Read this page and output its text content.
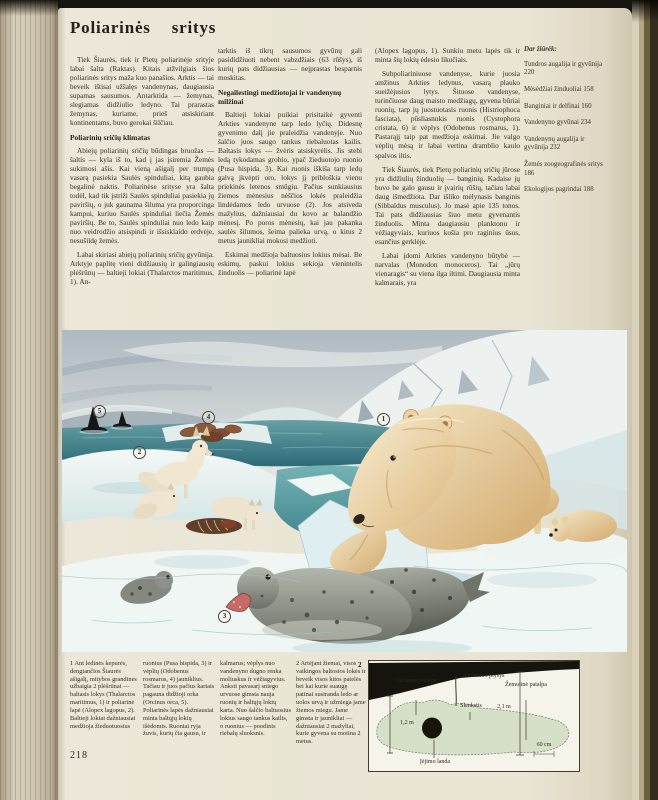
Poliarinės sritys

Tiek Šiaurės, tiek ir Pietų poliarinėje srityje labai šalta (Raktas). Kitais atžvilgiais šios poliarinės sritys maža kuo panašios. Arktis — tai beveik ištisai užšalęs vandenynas, daugiausia supamas sausumos. Antarktida — žemynas, slegiamas didžiulio ledyno. Tai prarastas žemynas, kuriame, prieš atsiskiriant kontinentams, buvo gerokai šilčiau.

Poliarinių sričių klimatas

Abiejų poliarinių sričių būdingas bruožas — šaltis — kyla iš to, kad į jas įsiremia Žemės sukimosi ašis. Kai vieną ašigalį per trumpą vasarą pasiekia Saulės spinduliai, kitą gaubia begalinė naktis. Poliarinėse srityse yra šalta todėl, kad tik įstriži Saulės spinduliai pasiekia jų paviršių, o juk gaunama šiluma yra proporcinga kampui, kuriuo Saulės spinduliai liečia Žemės paviršių. Be to, Saulės spinduliai nuo ledo kaip nuo veidrodžio atsispindi ir išsisklaido erdvėje, nesušildę žemės.

Labai skiriasi abiejų poliarinių sričių gyvūnija. Arktyje paplitę vieni didžiausių ir galingiausių plėšrūnų — baltieji lokiai (Thalarctos maritimus, 1). An-

tarktis iš tikrų sausumos gyvūnų gali pasididžiuoti nebent vabzdžiais (63 rūšys), iš kurių pats didžiausias — neįprastas besparnis moskitas.

Negailestingi medžiotojai ir vandenynų milžinai

Baltieji lokiai puikiai prisitaikė gyventi Arkties vandenyne tarp ledo lyčių. Didesnę gyvenimo dalį jie praleidžia vandenyje. Nuo šalčio juos saugo tankus riebaluotas kailis. Baltasis lokys — žvėris atsiskyrėlis. Jis stebi ledą tykodamas grobio, ypač žieduotojo ruonio (Pusa hispida, 3). Kai ruonis iškiša tarp ledų galvą įkvėpti oro, lokys jį pribloškia vienu priekinės letenos smūgiu. Pačius sunkiausius žiemos mėnesius nėščios lokės praleidžia lindėdamos ledo urvuose (2). Jos atsiveda mažylius, dažniausiai du kovo ar balandžio mėnesį. Po poros mėnesių, kai jau pakanka saulės šilumos, šeima palieka urvą, o kitus 2 metus jaunikliai mokosi medžioti.

Eskimai medžioja baltuosius lokius mėsai. Be eskimų, paskui lokius sekioja vienintelis žinduolis — poliarinė lapė

(Alopex lagopus, 1). Sunkiu metu lapės tik ir minta šių lokių ėdesio likučiais.

Subpoliariniuose vandenyse, kurie juosia amžinus Arkties ledynus, vasarą plauko sueižėjusios lytys. Šituose vandenyse, turinčiuose daug maisto medžiagų, gyvena būriai ruonių, tarp jų juostuotasis ruonis (Histriophoca fasciata), pūsliasnukis ruonis (Cystophora cristata, 6) ir vėplys (Odobenus rosmarus, 1). Pastarąjį taip pat medžioja eskimai. Jie valgo vėplių mėsą ir labai vertina dramblio kaulo spalvos iltis.

Tiek Šiaurės, tiek Pietų poliarinių sričių jūrose yra didžiulių žinduolių — banginių. Kadaise jų buvo be galo gausu ir įvairių rūšių, tačiau labai daug išmedžiota. Dar išliko mėlynasis banginis (Sibbaldus musculus). Jo masė apie 135 tonos. Tai pats didžiausias šiuo metu gyvenantis žinduolis. Minta daugiausiu planktonu ir vėžiagyviais, kuriuos košia pro raginius ūsus, esančius gerklėje.

Labai įdomi Arkties vandenyno būtybė — narvalas (Monodon monoceros). Tai „jūrų vienaragis“ su viena ilga iltimi. Daugiausia minta kalmarais, yra

Dar žiūrėk:
Tundros augalija ir gyvūnija 220
Mėsėdžiai žinduoliai 158
Banginiai ir delfinai 160
Vandenyno gyvūnai 234
Vandenynų augalija ir gyvūnija 232
Žemės zoogeografinės sritys 186
Ekologijos pagrindai 188
1
2
3
4
5
1 Ant ledinės kepurės, dengiančios Šiaurės ašigalį, mitybos grandines užbaigia 2 plėšrūnai — baltasis lokys (Thalarctos maritimus, 1) ir poliarinė lapė (Alopex lagopus, 2). Baltieji lokiai dažniausiai medžioja žieduotuosius
ruonius (Pusa hispida, 3) ir vėplių (Odobenus rosmarus, 4) jauniklius. Tačiau ir juos pačius kartais pagauna didžioji orka (Orcinus orca, 5). Poliarinės lapės dažniausiai minta baltųjų lokių išėdomis. Ruoniai ryja žuvis, kurių čia gausu, ir
kalmarus; vėplys nuo vandenyno dugno renka moliuskus ir vėžiagyvius. Anksti pavasarį sniego urvuose gimsta nauja ruonių ir baltųjų lokių karta. Nuo šalčio baltuosius lokius saugo tankus kailis, o ruonius — poodinis riebalų sluoksnis.
2 Artėjant žiemai, visos vaikingos baltosios lokės ir beveik visos kitos patelės bei kai kurie suaugę patinai susiranda ledo ar uolos urvą ir užmiega jame žiemos miegu. Jame gimsta ir jaunikliai — dažniausiai 2 mažyliai, kurie gyvena su motina 2 metus.
2
Viršutinė patalpa
Vėdinimo plyšys
Slenkstis	2,1 m
1,2 m
Įėjimo landa
Žemutinė patalpa
60 cm
218
